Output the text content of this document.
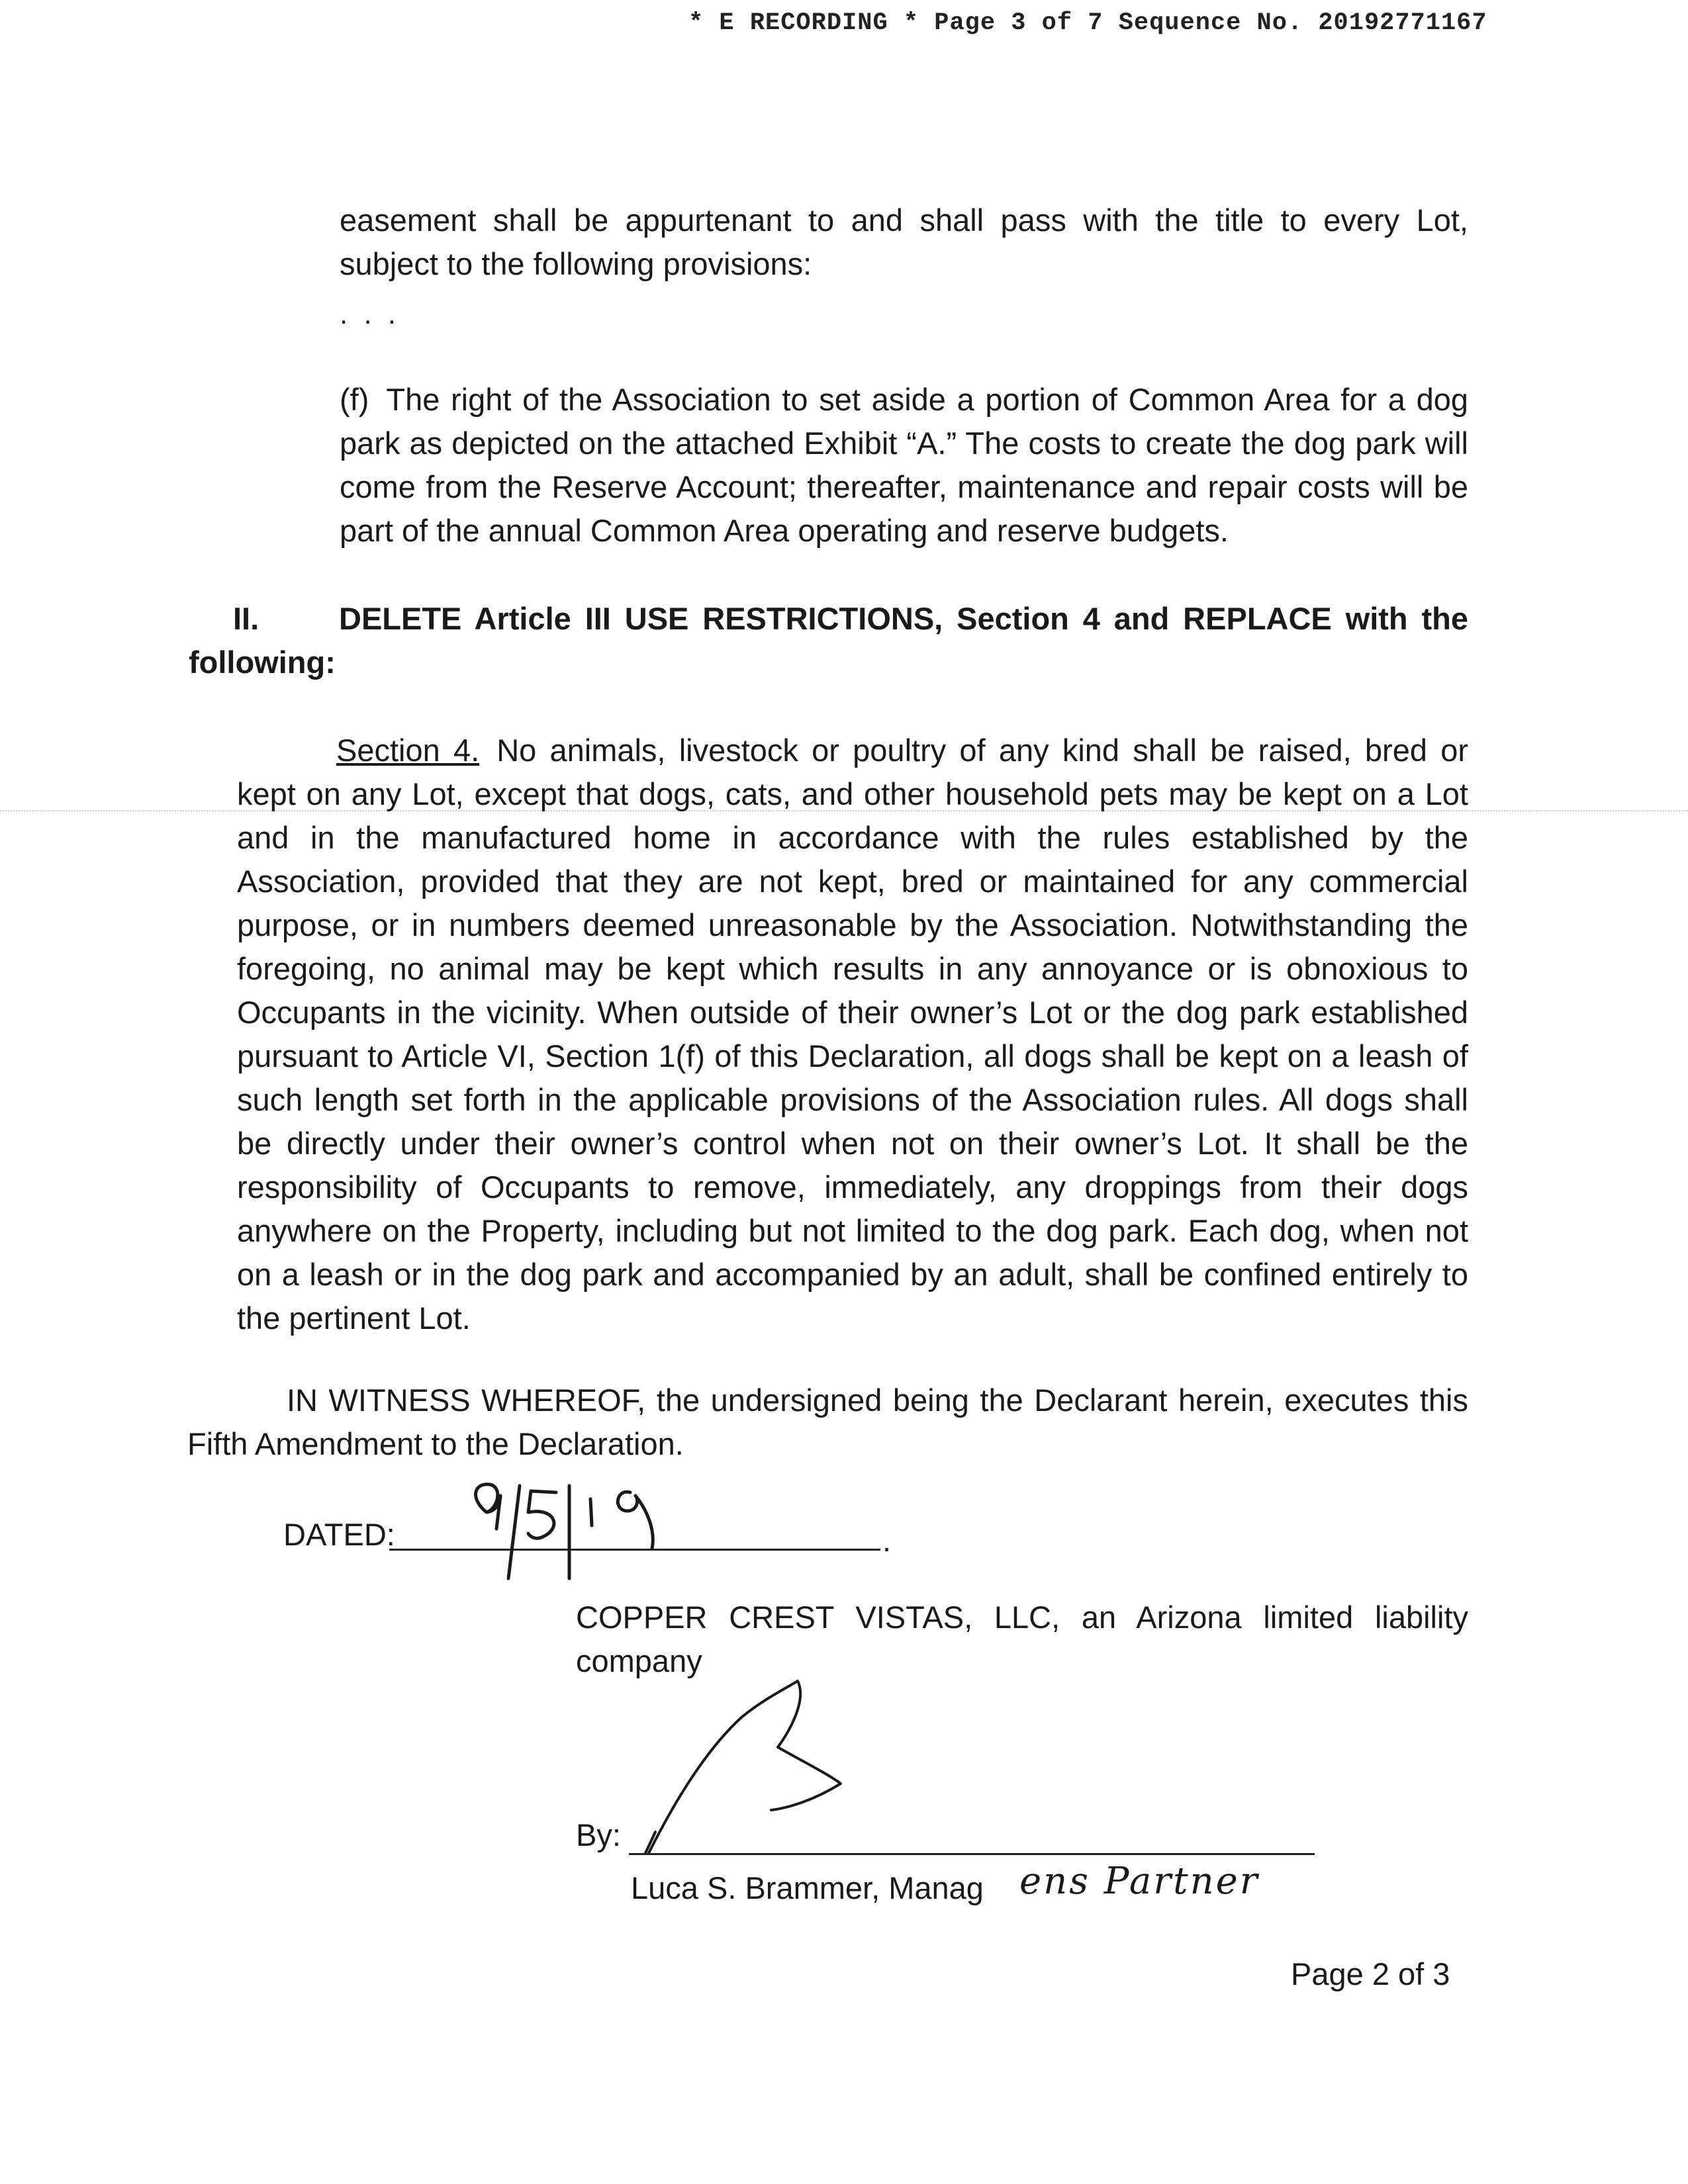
* E RECORDING * Page 3 of 7 Sequence No. 20192771167
easement shall be appurtenant to and shall pass with the title to every Lot, subject to the following provisions:
. . .
(f) The right of the Association to set aside a portion of Common Area for a dog park as depicted on the attached Exhibit “A.” The costs to create the dog park will come from the Reserve Account; thereafter, maintenance and repair costs will be part of the annual Common Area operating and reserve budgets.
II.	DELETE Article III USE RESTRICTIONS, Section 4 and REPLACE with the
following:
Section 4. No animals, livestock or poultry of any kind shall be raised, bred or kept on any Lot, except that dogs, cats, and other household pets may be kept on a Lot and in the manufactured home in accordance with the rules established by the Association, provided that they are not kept, bred or maintained for any commercial purpose, or in numbers deemed unreasonable by the Association. Notwithstanding the foregoing, no animal may be kept which results in any annoyance or is obnoxious to Occupants in the vicinity. When outside of their owner’s Lot or the dog park established pursuant to Article VI, Section 1(f) of this Declaration, all dogs shall be kept on a leash of such length set forth in the applicable provisions of the Association rules. All dogs shall be directly under their owner’s control when not on their owner’s Lot. It shall be the responsibility of Occupants to remove, immediately, any droppings from their dogs anywhere on the Property, including but not limited to the dog park. Each dog, when not on a leash or in the dog park and accompanied by an adult, shall be confined entirely to the pertinent Lot.
IN WITNESS WHEREOF, the undersigned being the Declarant herein, executes this Fifth Amendment to the Declaration.
DATED:	.
COPPER CREST VISTAS, LLC, an Arizona limited liability company
By:
Luca S. Brammer, Manag ens Partner
Page 2 of 3
